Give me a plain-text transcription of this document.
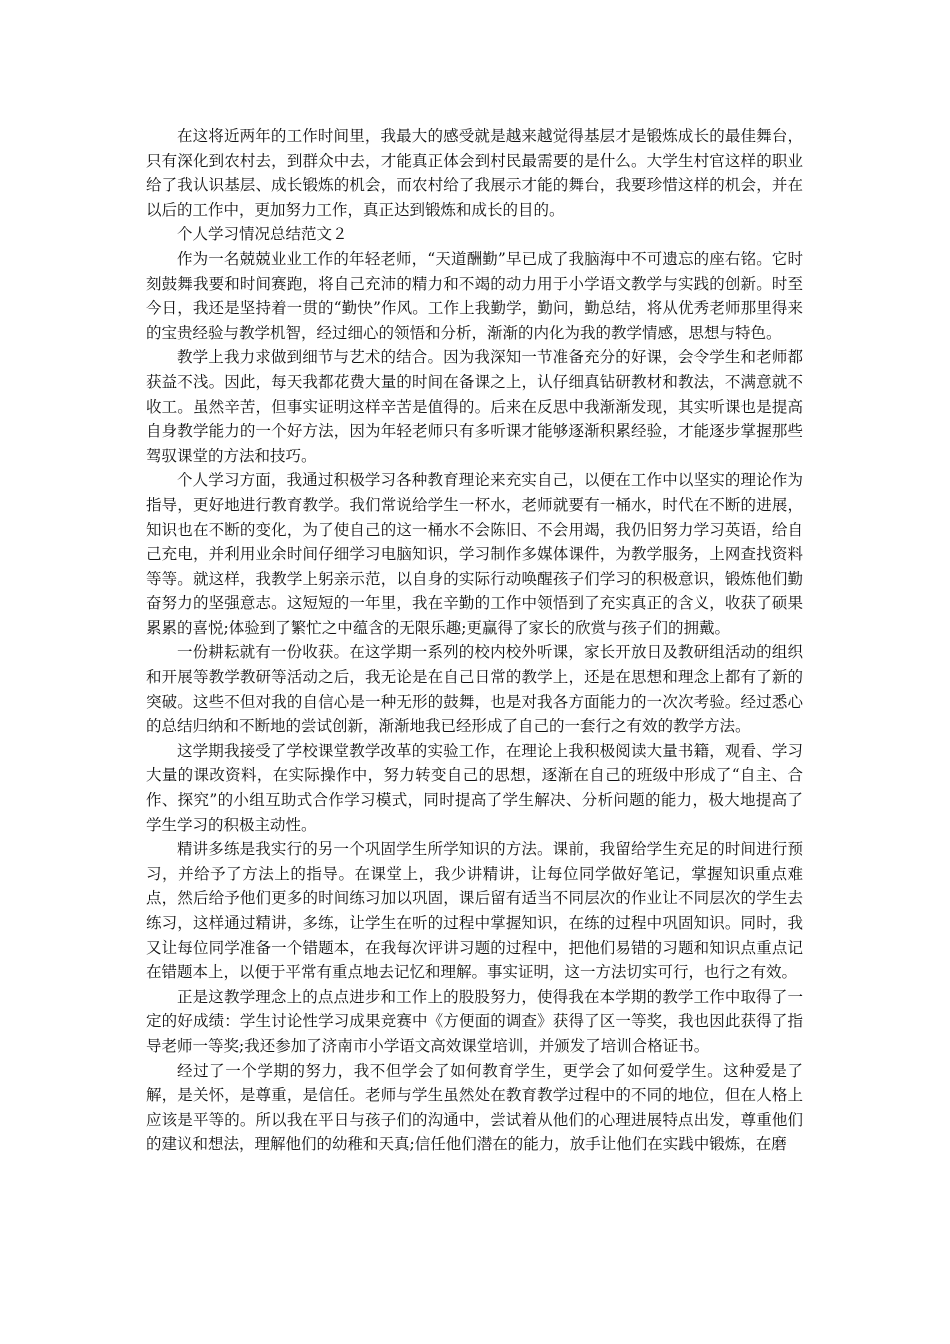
在这将近两年的工作时间里，我最大的感受就是越来越觉得基层才是锻炼成长的最佳舞台，只有深化到农村去，到群众中去，才能真正体会到村民最需要的是什么。大学生村官这样的职业给了我认识基层、成长锻炼的机会，而农村给了我展示才能的舞台，我要珍惜这样的机会，并在以后的工作中，更加努力工作，真正达到锻炼和成长的目的。

个人学习情况总结范文２

作为一名兢兢业业工作的年轻老师，“天道酬勤”早已成了我脑海中不可遗忘的座右铭。它时刻鼓舞我要和时间赛跑，将自己充沛的精力和不竭的动力用于小学语文教学与实践的创新。时至今日，我还是坚持着一贯的“勤快”作风。工作上我勤学，勤问，勤总结，将从优秀老师那里得来的宝贵经验与教学机智，经过细心的领悟和分析，渐渐的内化为我的教学情感，思想与特色。

教学上我力求做到细节与艺术的结合。因为我深知一节准备充分的好课，会令学生和老师都获益不浅。因此，每天我都花费大量的时间在备课之上，认仔细真钻研教材和教法，不满意就不收工。虽然辛苦，但事实证明这样辛苦是值得的。后来在反思中我渐渐发现，其实听课也是提高自身教学能力的一个好方法，因为年轻老师只有多听课才能够逐渐积累经验，才能逐步掌握那些驾驭课堂的方法和技巧。

个人学习方面，我通过积极学习各种教育理论来充实自己，以便在工作中以坚实的理论作为指导，更好地进行教育教学。我们常说给学生一杯水，老师就要有一桶水，时代在不断的进展，知识也在不断的变化，为了使自己的这一桶水不会陈旧、不会用竭，我仍旧努力学习英语，给自己充电，并利用业余时间仔细学习电脑知识，学习制作多媒体课件，为教学服务，上网查找资料等等。就这样，我教学上躬亲示范，以自身的实际行动唤醒孩子们学习的积极意识，锻炼他们勤奋努力的坚强意志。这短短的一年里，我在辛勤的工作中领悟到了充实真正的含义，收获了硕果累累的喜悦;体验到了繁忙之中蕴含的无限乐趣;更赢得了家长的欣赏与孩子们的拥戴。

一份耕耘就有一份收获。在这学期一系列的校内校外听课，家长开放日及教研组活动的组织和开展等教学教研等活动之后，我无论是在自己日常的教学上，还是在思想和理念上都有了新的突破。这些不但对我的自信心是一种无形的鼓舞，也是对我各方面能力的一次次考验。经过悉心的总结归纳和不断地的尝试创新，渐渐地我已经形成了自己的一套行之有效的教学方法。

这学期我接受了学校课堂教学改革的实验工作，在理论上我积极阅读大量书籍，观看、学习大量的课改资料，在实际操作中，努力转变自己的思想，逐渐在自己的班级中形成了“自主、合作、探究”的小组互助式合作学习模式，同时提高了学生解决、分析问题的能力，极大地提高了学生学习的积极主动性。

精讲多练是我实行的另一个巩固学生所学知识的方法。课前，我留给学生充足的时间进行预习，并给予了方法上的指导。在课堂上，我少讲精讲，让每位同学做好笔记，掌握知识重点难点，然后给予他们更多的时间练习加以巩固，课后留有适当不同层次的作业让不同层次的学生去练习，这样通过精讲，多练，让学生在听的过程中掌握知识，在练的过程中巩固知识。同时，我又让每位同学准备一个错题本，在我每次评讲习题的过程中，把他们易错的习题和知识点重点记在错题本上，以便于平常有重点地去记忆和理解。事实证明，这一方法切实可行，也行之有效。

正是这教学理念上的点点进步和工作上的股股努力，使得我在本学期的教学工作中取得了一定的好成绩：学生讨论性学习成果竞赛中《方便面的调查》获得了区一等奖，我也因此获得了指导老师一等奖;我还参加了济南市小学语文高效课堂培训，并颁发了培训合格证书。

经过了一个学期的努力，我不但学会了如何教育学生，更学会了如何爱学生。这种爱是了解，是关怀，是尊重，是信任。老师与学生虽然处在教育教学过程中的不同的地位，但在人格上应该是平等的。所以我在平日与孩子们的沟通中，尝试着从他们的心理进展特点出发，尊重他们的建议和想法，理解他们的幼稚和天真;信任他们潜在的能力，放手让他们在实践中锻炼，在磨
